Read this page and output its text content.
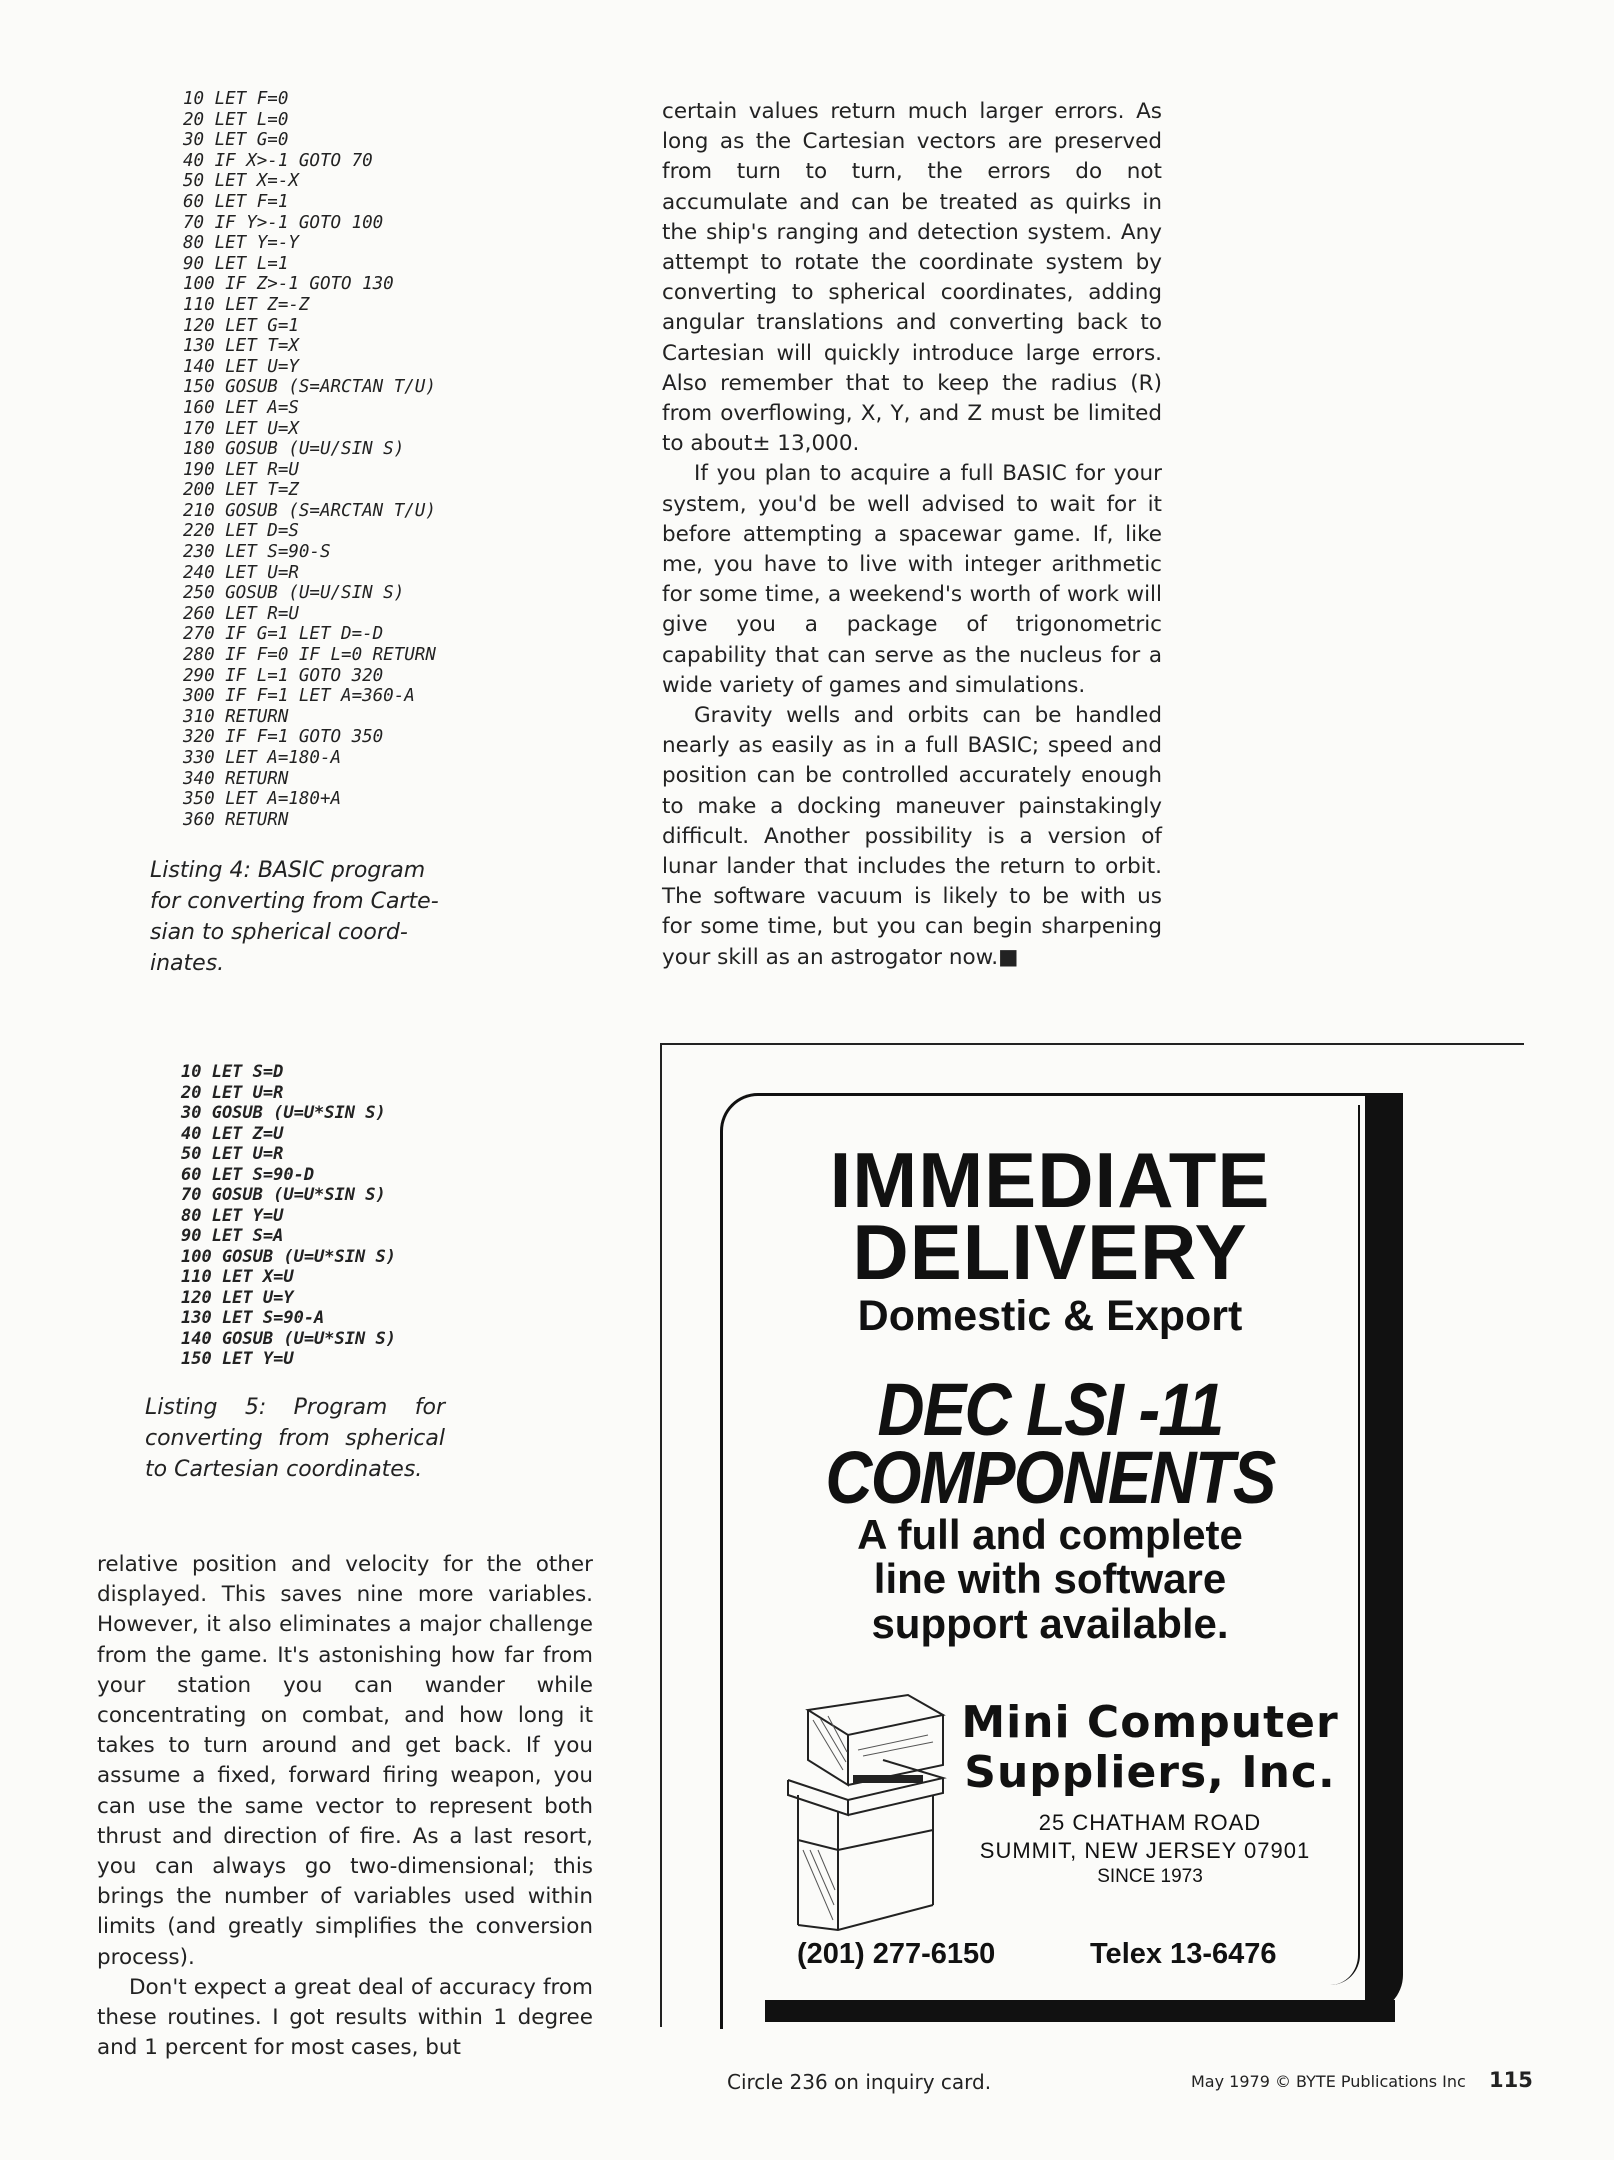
10 LET F=0
20 LET L=0
30 LET G=0
40 IF X>-1 GOTO 70
50 LET X=-X
60 LET F=1
70 IF Y>-1 GOTO 100
80 LET Y=-Y
90 LET L=1
100 IF Z>-1 GOTO 130
110 LET Z=-Z
120 LET G=1
130 LET T=X
140 LET U=Y
150 GOSUB (S=ARCTAN T/U)
160 LET A=S
170 LET U=X
180 GOSUB (U=U/SIN S)
190 LET R=U
200 LET T=Z
210 GOSUB (S=ARCTAN T/U)
220 LET D=S
230 LET S=90-S
240 LET U=R
250 GOSUB (U=U/SIN S)
260 LET R=U
270 IF G=1 LET D=-D
280 IF F=0 IF L=0 RETURN
290 IF L=1 GOTO 320
300 IF F=1 LET A=360-A
310 RETURN
320 IF F=1 GOTO 350
330 LET A=180-A
340 RETURN
350 LET A=180+A
360 RETURN

Listing 4: BASIC program for converting from Carte-sian to spherical coord-inates.

10 LET S=D
20 LET U=R
30 GOSUB (U=U*SIN S)
40 LET Z=U
50 LET U=R
60 LET S=90-D
70 GOSUB (U=U*SIN S)
80 LET Y=U
90 LET S=A
100 GOSUB (U=U*SIN S)
110 LET X=U
120 LET U=Y
130 LET S=90-A
140 GOSUB (U=U*SIN S)
150 LET Y=U

Listing 5: Program for converting from spherical to Cartesian coordinates.

relative position and velocity for the other displayed. This saves nine more variables. However, it also eliminates a major challenge from the game. It's astonishing how far from your station you can wander while concentrating on combat, and how long it takes to turn around and get back. If you assume a fixed, forward firing weapon, you can use the same vector to represent both thrust and direction of fire. As a last resort, you can always go two-dimensional; this brings the number of variables used within limits (and greatly simplifies the conversion process).

Don't expect a great deal of accuracy from these routines. I got results within 1 degree and 1 percent for most cases, but

certain values return much larger errors. As long as the Cartesian vectors are preserved from turn to turn, the errors do not accumulate and can be treated as quirks in the ship's ranging and detection system. Any attempt to rotate the coordinate system by converting to spherical coordinates, adding angular translations and converting back to Cartesian will quickly introduce large errors. Also remember that to keep the radius (R) from overflowing, X, Y, and Z must be limited to about± 13,000.

If you plan to acquire a full BASIC for your system, you'd be well advised to wait for it before attempting a spacewar game. If, like me, you have to live with integer arithmetic for some time, a weekend's worth of work will give you a package of trigonometric capability that can serve as the nucleus for a wide variety of games and simulations.

Gravity wells and orbits can be handled nearly as easily as in a full BASIC; speed and position can be controlled accurately enough to make a docking maneuver painstakingly difficult. Another possibility is a version of lunar lander that includes the return to orbit. The software vacuum is likely to be with us for some time, but you can begin sharpening your skill as an astrogator now.■

IMMEDIATE

DELIVERY

Domestic & Export

DEC LSI -11

COMPONENTS

A full and complete

line with software

support available.

Mini Computer

Suppliers, Inc.

25 CHATHAM ROAD

SUMMIT, NEW JERSEY 07901

SINCE 1973

(201) 277-6150	Telex 13-6476

Circle 236 on inquiry card.	May 1979 © BYTE Publications Inc 115
